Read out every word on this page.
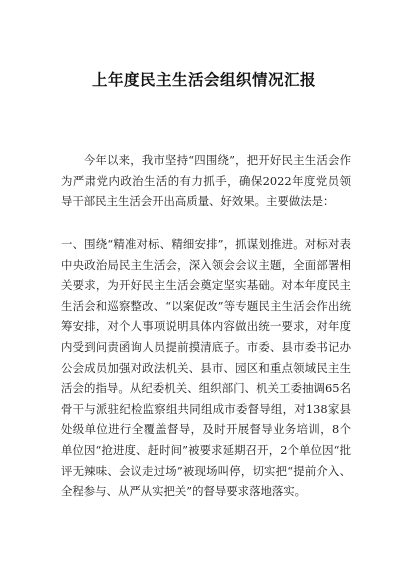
上年度民主生活会组织情况汇报

今年以来，我市坚持“四围绕”，把开好民主生活会作为严肃党内政治生活的有力抓手，确保2022年度党员领导干部民主生活会开出高质量、好效果。主要做法是：

一、围绕“精准对标、精细安排”，抓谋划推进。对标对表中央政治局民主生活会，深入领会会议主题，全面部署相关要求，为开好民主生活会奠定坚实基础。对本年度民主生活会和巡察整改、“以案促改”等专题民主生活会作出统筹安排，对个人事项说明具体内容做出统一要求，对年度内受到问责函询人员提前摸清底子。市委、县市委书记办公会成员加强对政法机关、县市、园区和重点领域民主生活会的指导。从纪委机关、组织部门、机关工委抽调65名骨干与派驻纪检监察组共同组成市委督导组，对138家县处级单位进行全覆盖督导，及时开展督导业务培训，8个单位因“抢进度、赶时间”被要求延期召开，2个单位因“批评无辣味、会议走过场”被现场叫停，切实把“提前介入、全程参与、从严从实把关”的督导要求落地落实。
